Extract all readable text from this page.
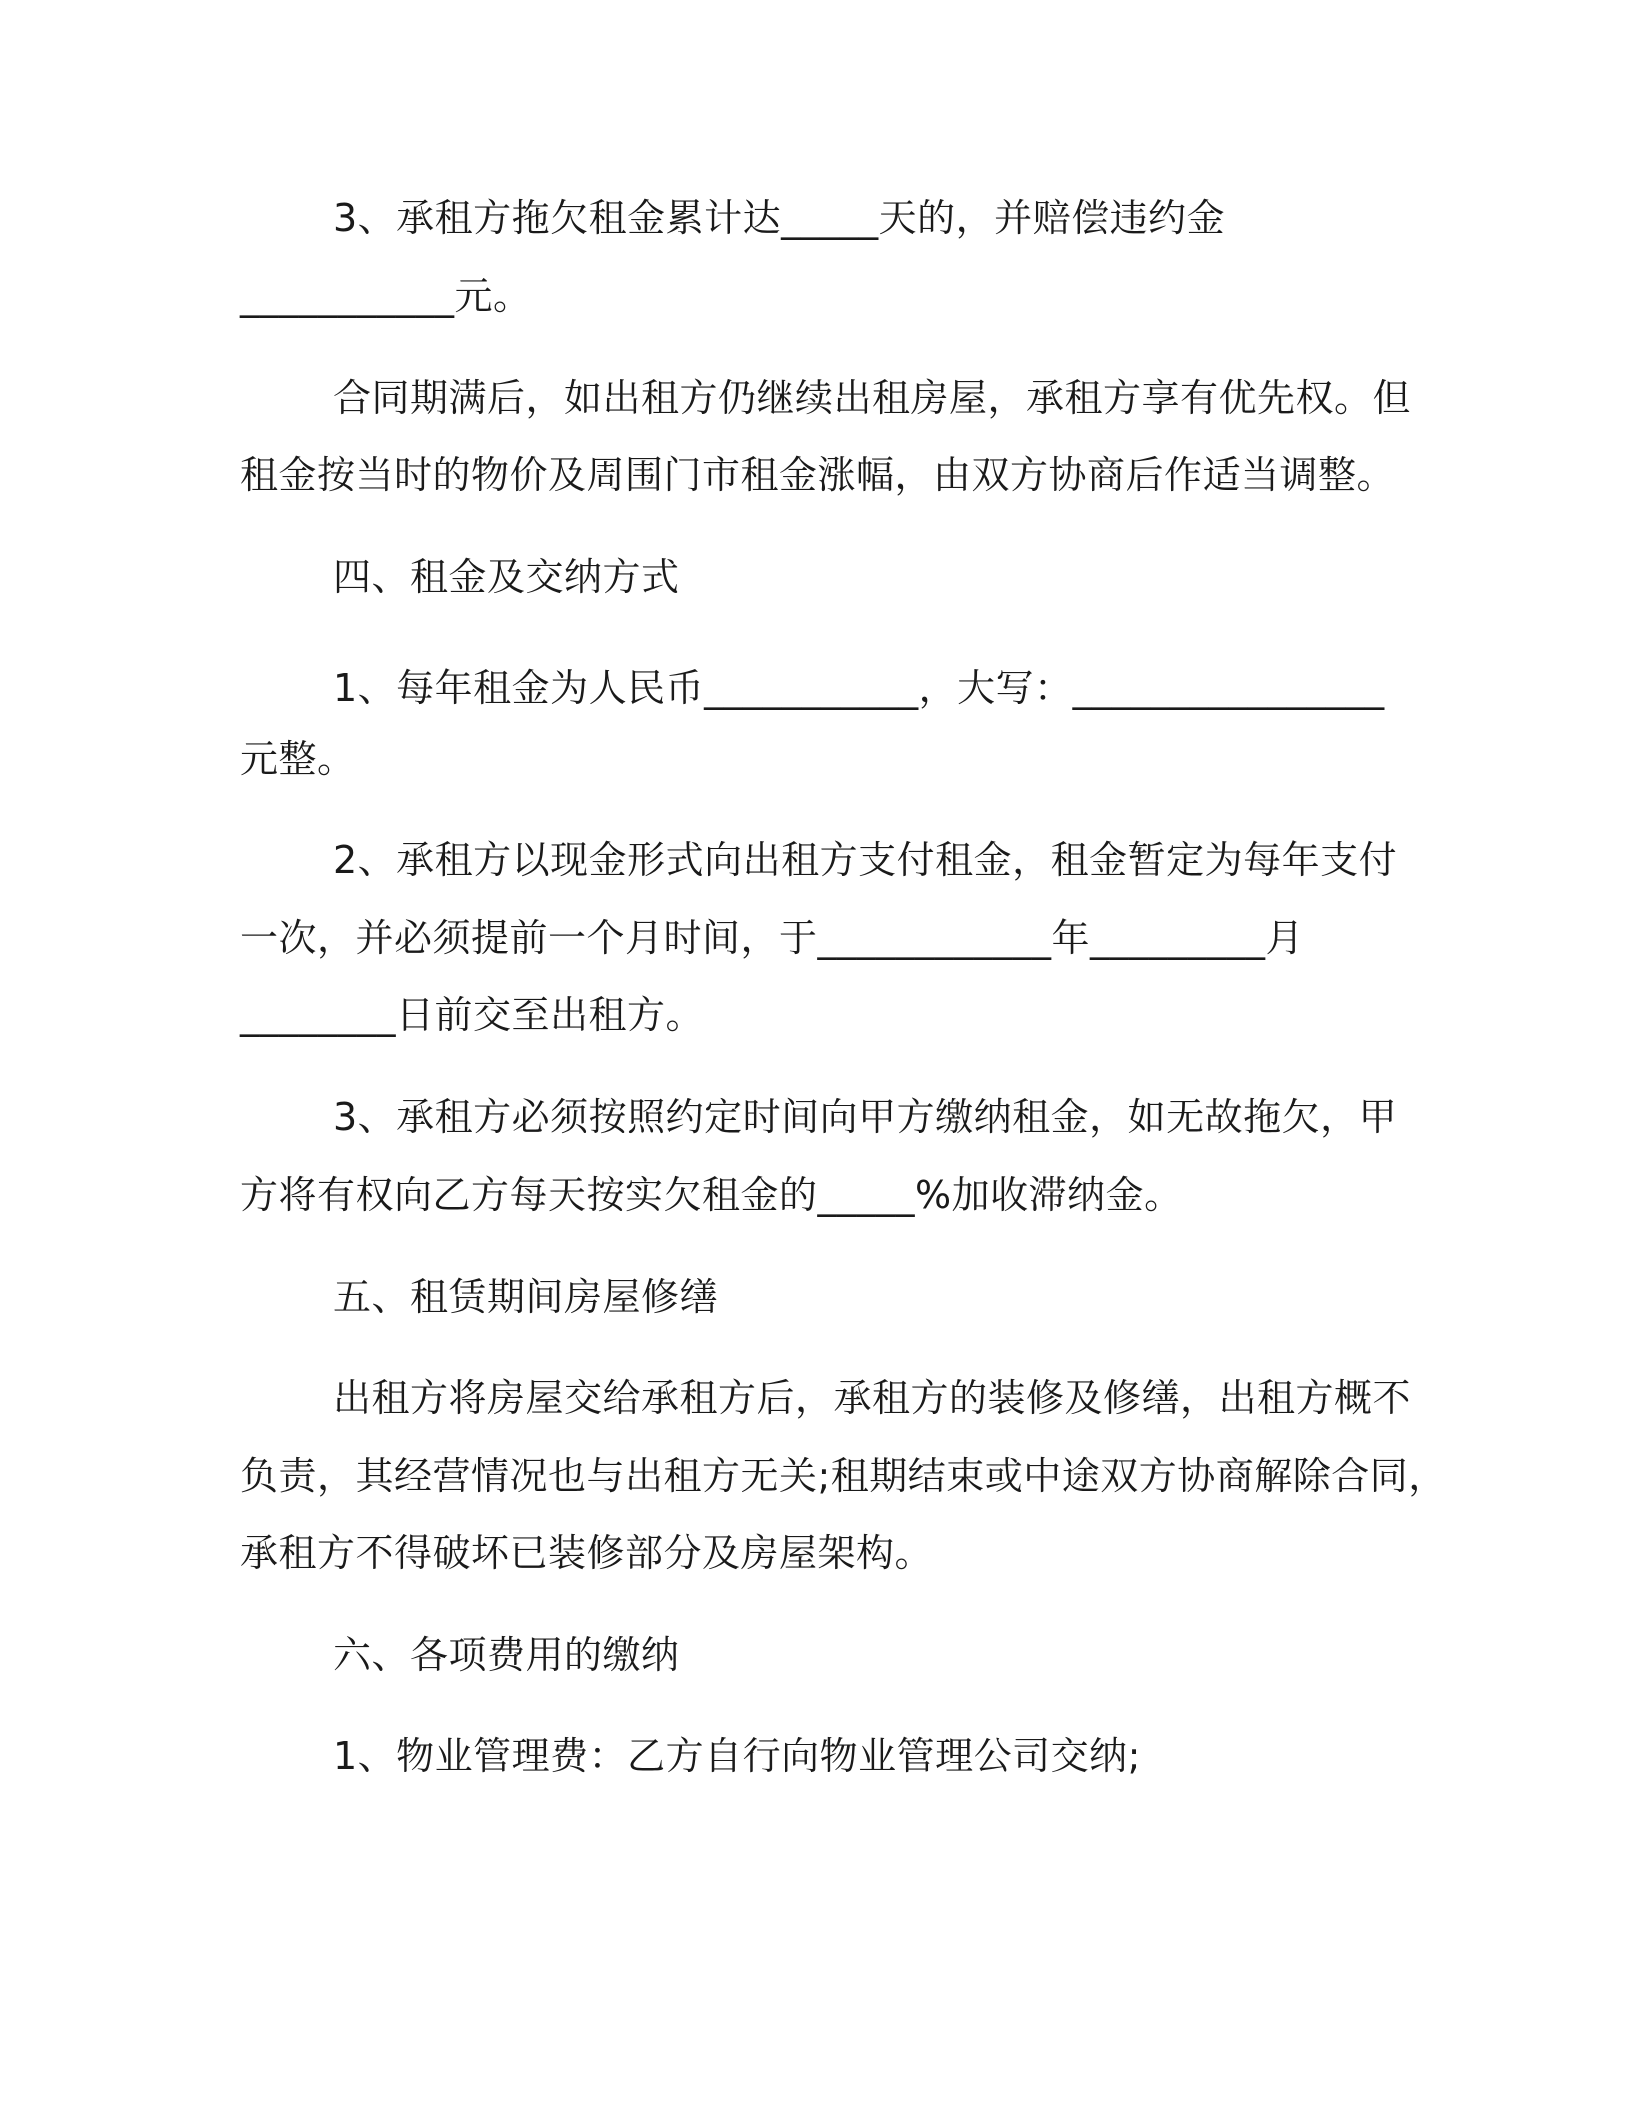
3、承租方拖欠租金累计达_____天的，并赔偿违约金
___________元。
合同期满后，如出租方仍继续出租房屋，承租方享有优先权。但
租金按当时的物价及周围门市租金涨幅，由双方协商后作适当调整。
四、租金及交纳方式
1、每年租金为人民币___________，大写：________________
元整。
2、承租方以现金形式向出租方支付租金，租金暂定为每年支付
一次，并必须提前一个月时间，于____________年_________月
________日前交至出租方。
3、承租方必须按照约定时间向甲方缴纳租金，如无故拖欠，甲
方将有权向乙方每天按实欠租金的_____%加收滞纳金。
五、租赁期间房屋修缮
出租方将房屋交给承租方后，承租方的装修及修缮，出租方概不
负责，其经营情况也与出租方无关;租期结束或中途双方协商解除合同，
承租方不得破坏已装修部分及房屋架构。
六、各项费用的缴纳
1、物业管理费：乙方自行向物业管理公司交纳;
